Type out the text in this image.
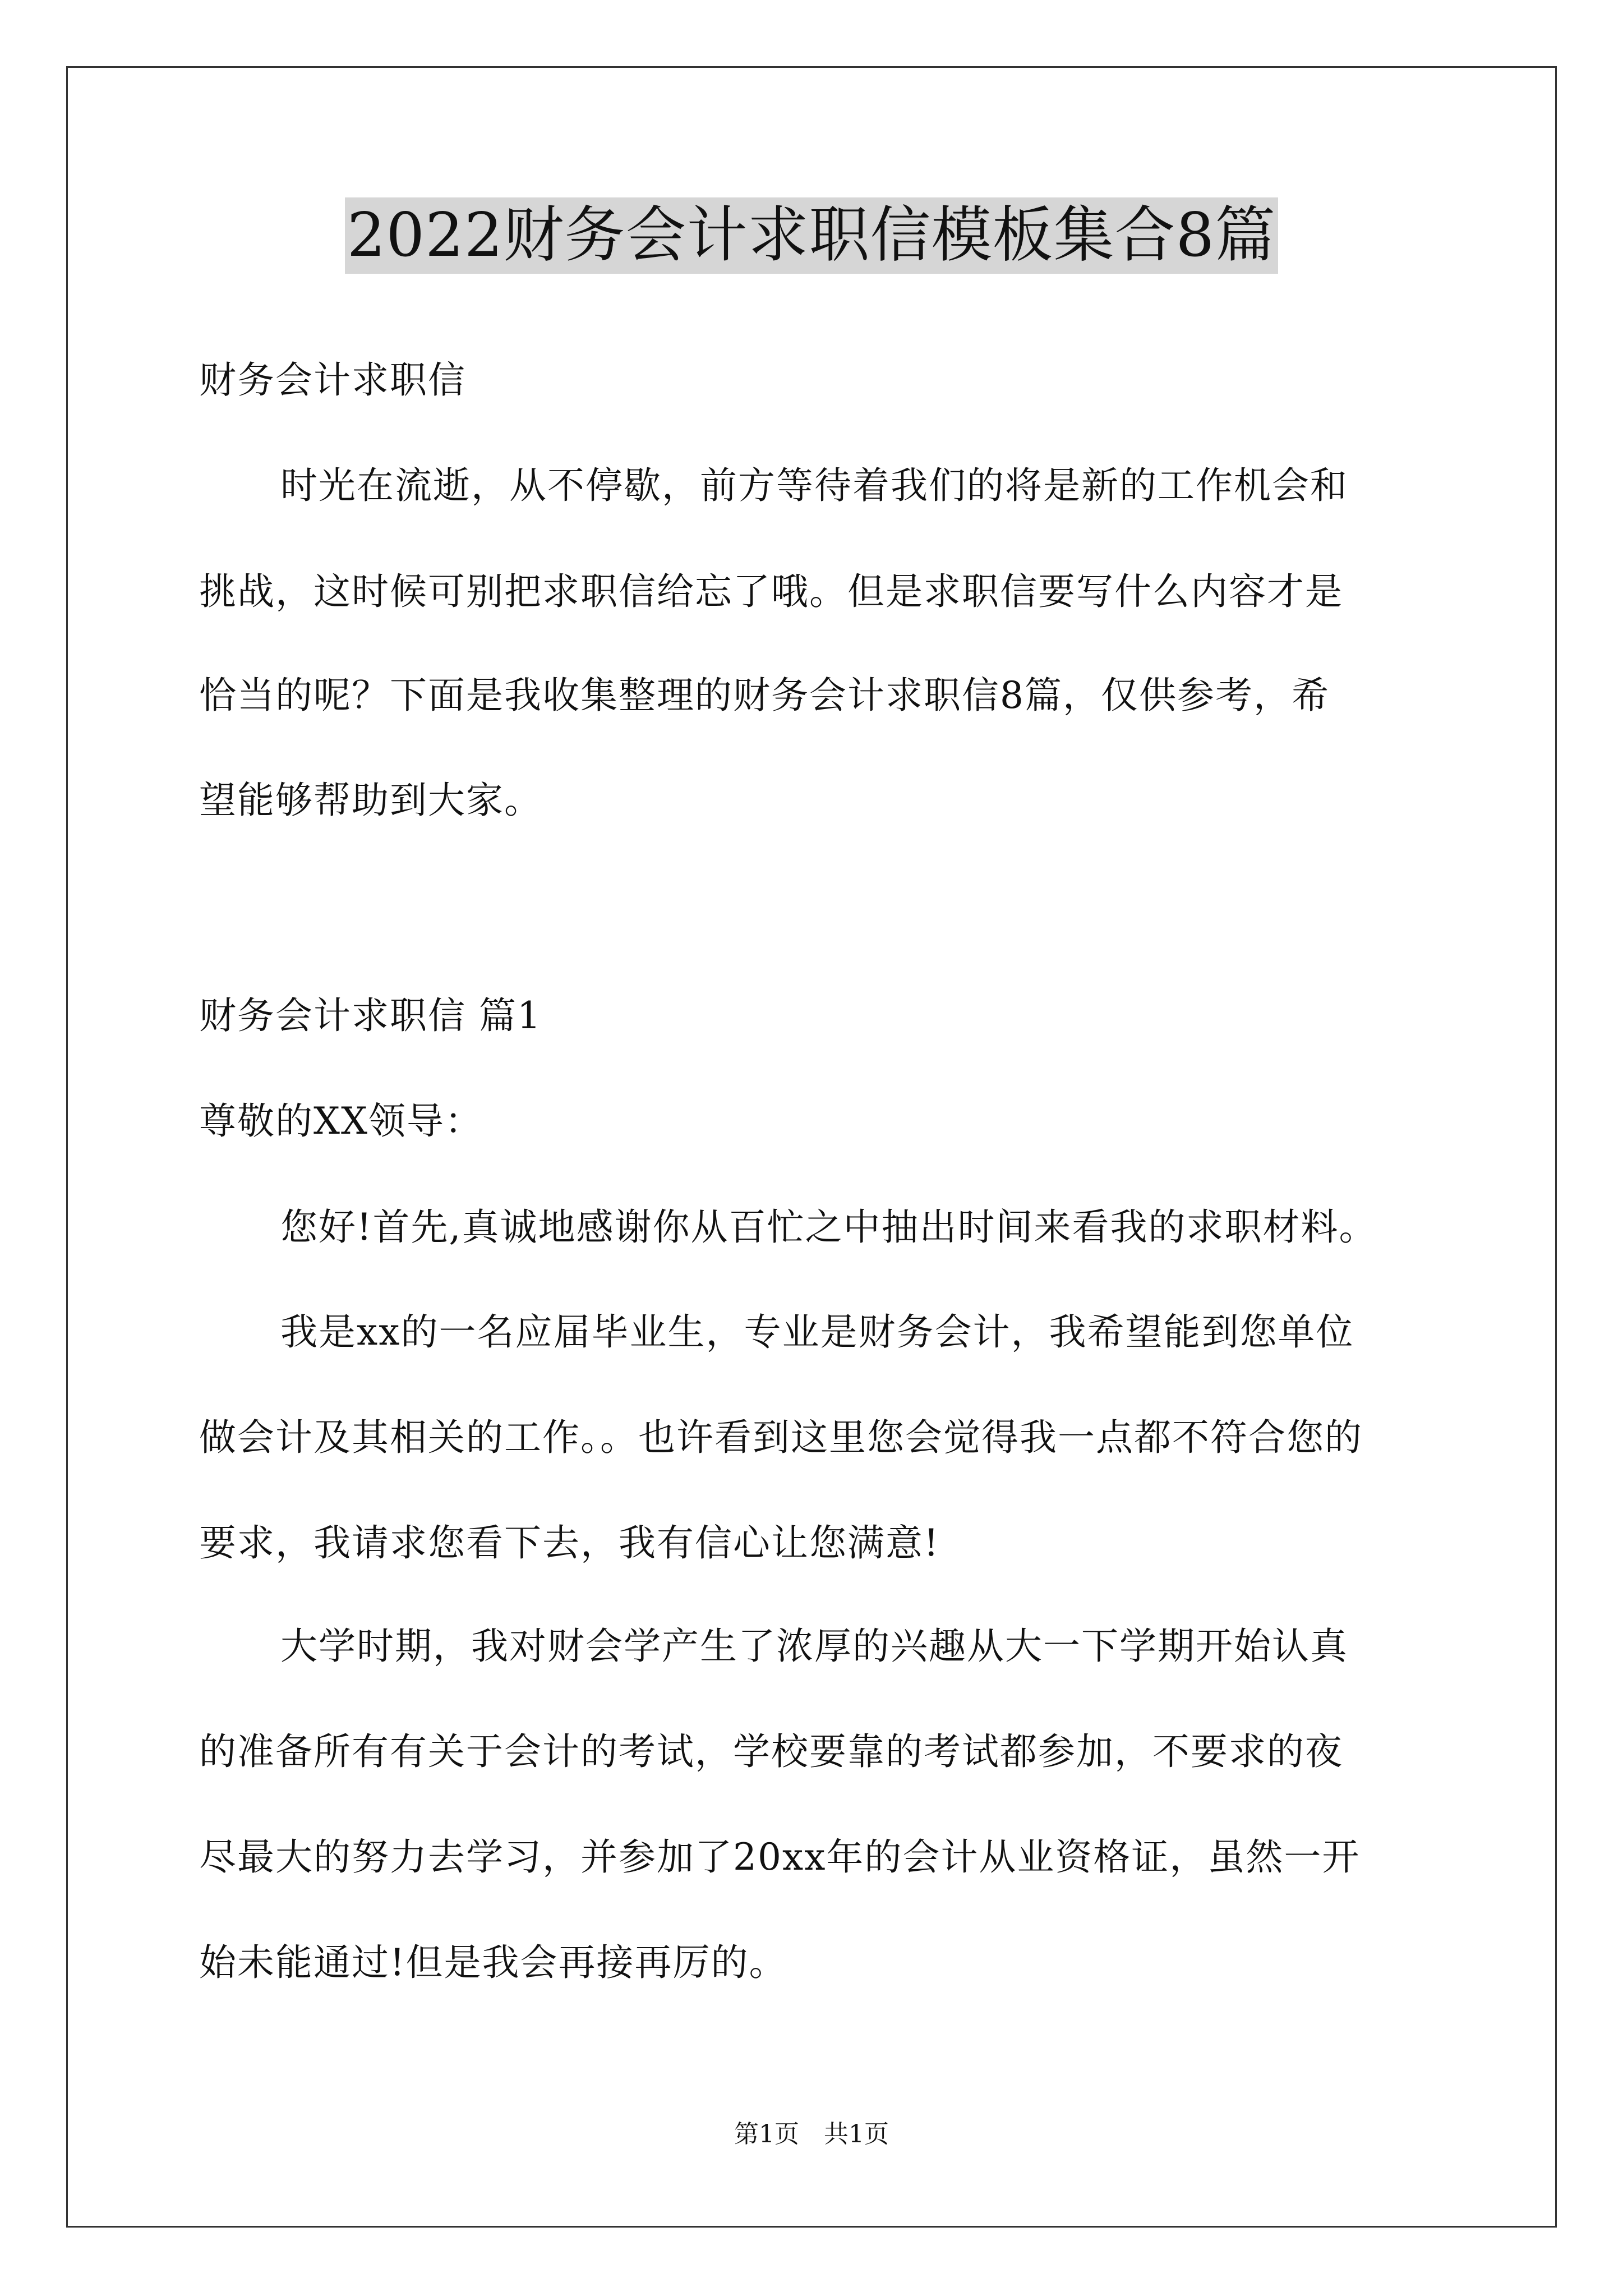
2022财务会计求职信模板集合8篇
财务会计求职信
时光在流逝，从不停歇，前方等待着我们的将是新的工作机会和
挑战，这时候可别把求职信给忘了哦。但是求职信要写什么内容才是
恰当的呢？下面是我收集整理的财务会计求职信8篇，仅供参考，希
望能够帮助到大家。
财务会计求职信 篇1
尊敬的XX领导：
您好!首先,真诚地感谢你从百忙之中抽出时间来看我的求职材料。
我是xx的一名应届毕业生，专业是财务会计，我希望能到您单位
做会计及其相关的工作。。也许看到这里您会觉得我一点都不符合您的
要求，我请求您看下去，我有信心让您满意!
大学时期，我对财会学产生了浓厚的兴趣从大一下学期开始认真
的准备所有有关于会计的考试，学校要靠的考试都参加，不要求的夜
尽最大的努力去学习，并参加了20xx年的会计从业资格证，虽然一开
始未能通过!但是我会再接再厉的。
第1页　共1页
